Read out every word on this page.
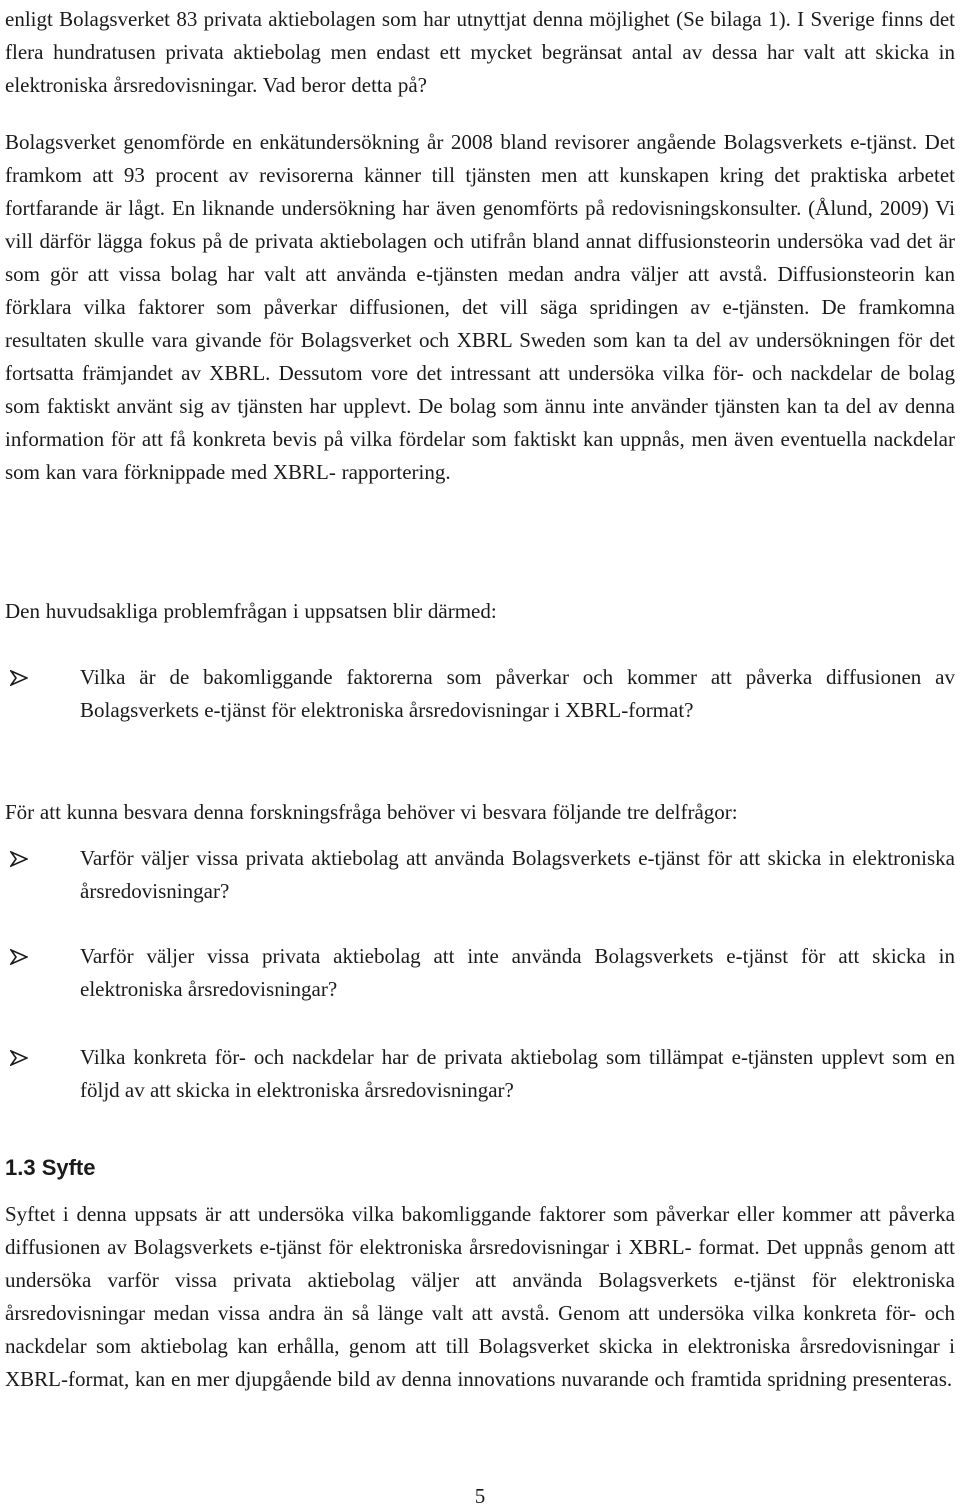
enligt Bolagsverket 83 privata aktiebolagen som har utnyttjat denna möjlighet (Se bilaga 1). I Sverige finns det flera hundratusen privata aktiebolag men endast ett mycket begränsat antal av dessa har valt att skicka in elektroniska årsredovisningar. Vad beror detta på?

Bolagsverket genomförde en enkätundersökning år 2008 bland revisorer angående Bolagsverkets e-tjänst. Det framkom att 93 procent av revisorerna känner till tjänsten men att kunskapen kring det praktiska arbetet fortfarande är lågt. En liknande undersökning har även genomförts på redovisningskonsulter. (Ålund, 2009) Vi vill därför lägga fokus på de privata aktiebolagen och utifrån bland annat diffusionsteorin undersöka vad det är som gör att vissa bolag har valt att använda e-tjänsten medan andra väljer att avstå. Diffusionsteorin kan förklara vilka faktorer som påverkar diffusionen, det vill säga spridingen av e-tjänsten. De framkomna resultaten skulle vara givande för Bolagsverket och XBRL Sweden som kan ta del av undersökningen för det fortsatta främjandet av XBRL. Dessutom vore det intressant att undersöka vilka för- och nackdelar de bolag som faktiskt använt sig av tjänsten har upplevt. De bolag som ännu inte använder tjänsten kan ta del av denna information för att få konkreta bevis på vilka fördelar som faktiskt kan uppnås, men även eventuella nackdelar som kan vara förknippade med XBRL- rapportering.

Den huvudsakliga problemfrågan i uppsatsen blir därmed:

Vilka är de bakomliggande faktorerna som påverkar och kommer att påverka diffusionen av Bolagsverkets e-tjänst för elektroniska årsredovisningar i XBRL-format?

För att kunna besvara denna forskningsfråga behöver vi besvara följande tre delfrågor:

Varför väljer vissa privata aktiebolag att använda Bolagsverkets e-tjänst för att skicka in elektroniska årsredovisningar?

Varför väljer vissa privata aktiebolag att inte använda Bolagsverkets e-tjänst för att skicka in elektroniska årsredovisningar?

Vilka konkreta för- och nackdelar har de privata aktiebolag som tillämpat e-tjänsten upplevt som en följd av att skicka in elektroniska årsredovisningar?

1.3 Syfte

Syftet i denna uppsats är att undersöka vilka bakomliggande faktorer som påverkar eller kommer att påverka diffusionen av Bolagsverkets e-tjänst för elektroniska årsredovisningar i XBRL- format. Det uppnås genom att undersöka varför vissa privata aktiebolag väljer att använda Bolagsverkets e-tjänst för elektroniska årsredovisningar medan vissa andra än så länge valt att avstå. Genom att undersöka vilka konkreta för- och nackdelar som aktiebolag kan erhålla, genom att till Bolagsverket skicka in elektroniska årsredovisningar i XBRL-format, kan en mer djupgående bild av denna innovations nuvarande och framtida spridning presenteras.

5
